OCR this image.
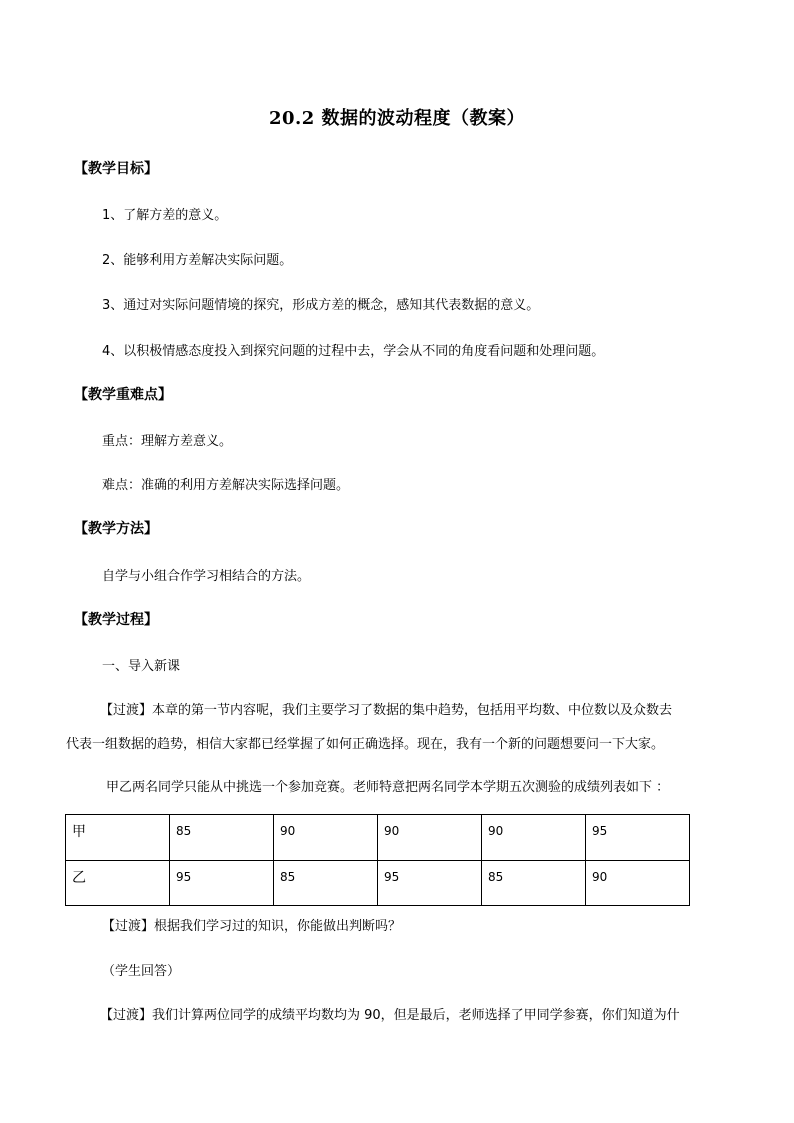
20.2 数据的波动程度（教案）
【教学目标】
1、了解方差的意义。
2、能够利用方差解决实际问题。
3、通过对实际问题情境的探究，形成方差的概念，感知其代表数据的意义。
4、以积极情感态度投入到探究问题的过程中去，学会从不同的角度看问题和处理问题。
【教学重难点】
重点：理解方差意义。
难点：准确的利用方差解决实际选择问题。
【教学方法】
自学与小组合作学习相结合的方法。
【教学过程】
一、导入新课
【过渡】本章的第一节内容呢，我们主要学习了数据的集中趋势，包括用平均数、中位数以及众数去
代表一组数据的趋势，相信大家都已经掌握了如何正确选择。现在，我有一个新的问题想要问一下大家。
甲乙两名同学只能从中挑选一个参加竞赛。老师特意把两名同学本学期五次测验的成绩列表如下 ：
甲	85	90	90	90	95
乙	95	85	95	85	90
【过渡】根据我们学习过的知识，你能做出判断吗？
（学生回答）
【过渡】我们计算两位同学的成绩平均数均为 90，但是最后，老师选择了甲同学参赛，你们知道为什
